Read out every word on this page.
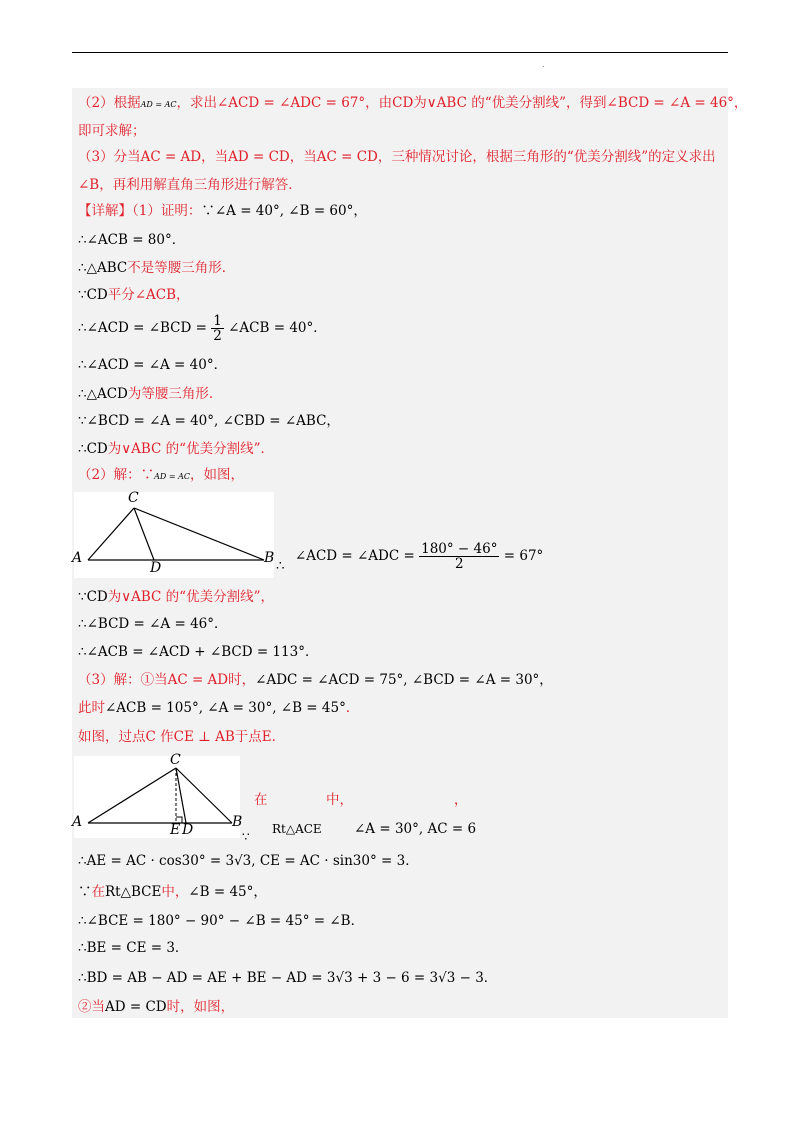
.
（2）根据AD = AC，求出∠ACD = ∠ADC = 67°，由CD为∨ABC 的“优美分割线”，得到∠BCD = ∠A = 46°，
即可求解；
（3）分当AC = AD，当AD = CD，当AC = CD，三种情况讨论，根据三角形的“优美分割线”的定义求出
∠B，再利用解直角三角形进行解答．
【详解】（1）证明：∵∠A = 40°, ∠B = 60°，
∴∠ACB = 80°．
∴△ABC不是等腰三角形．
∵CD平分∠ACB，
∴∠ACD = ∠BCD = $\frac{1}{2}$ ∠ACB = 40°．
∴∠ACD = ∠A = 40°．
∴△ACD为等腰三角形．
∵∠BCD = ∠A = 40°, ∠CBD = ∠ABC，
∴CD为∨ABC 的“优美分割线”．
（2）解：∵AD = AC，如图，
C
A
D
B ∴ ∠ACD = ∠ADC = $\frac{180^\circ - 46^\circ}{2} = 67^\circ$
∵CD为∨ABC 的“优美分割线”，
∴∠BCD = ∠A = 46°．
∴∠ACB = ∠ACD + ∠BCD = 113°．
（3）解：①当AC = AD时，∠ADC = ∠ACD = 75°, ∠BCD = ∠A = 30°，
此时∠ACB = 105°, ∠A = 30°, ∠B = 45°．
如图，过点C 作CE ⊥ AB于点E．
C
A	E D	B
在	中，	，
∵
Rt△ACE ∠A = 30°, AC = 6
∴AE = AC · cos30° = 3√3, CE = AC · sin30° = 3．
∵在Rt△BCE中，∠B = 45°，
∴∠BCE = 180° − 90° − ∠B = 45° = ∠B．
∴BE = CE = 3．
∴BD = AB − AD = AE + BE − AD = 3√3 + 3 − 6 = 3√3 − 3．
②当AD = CD时，如图，
